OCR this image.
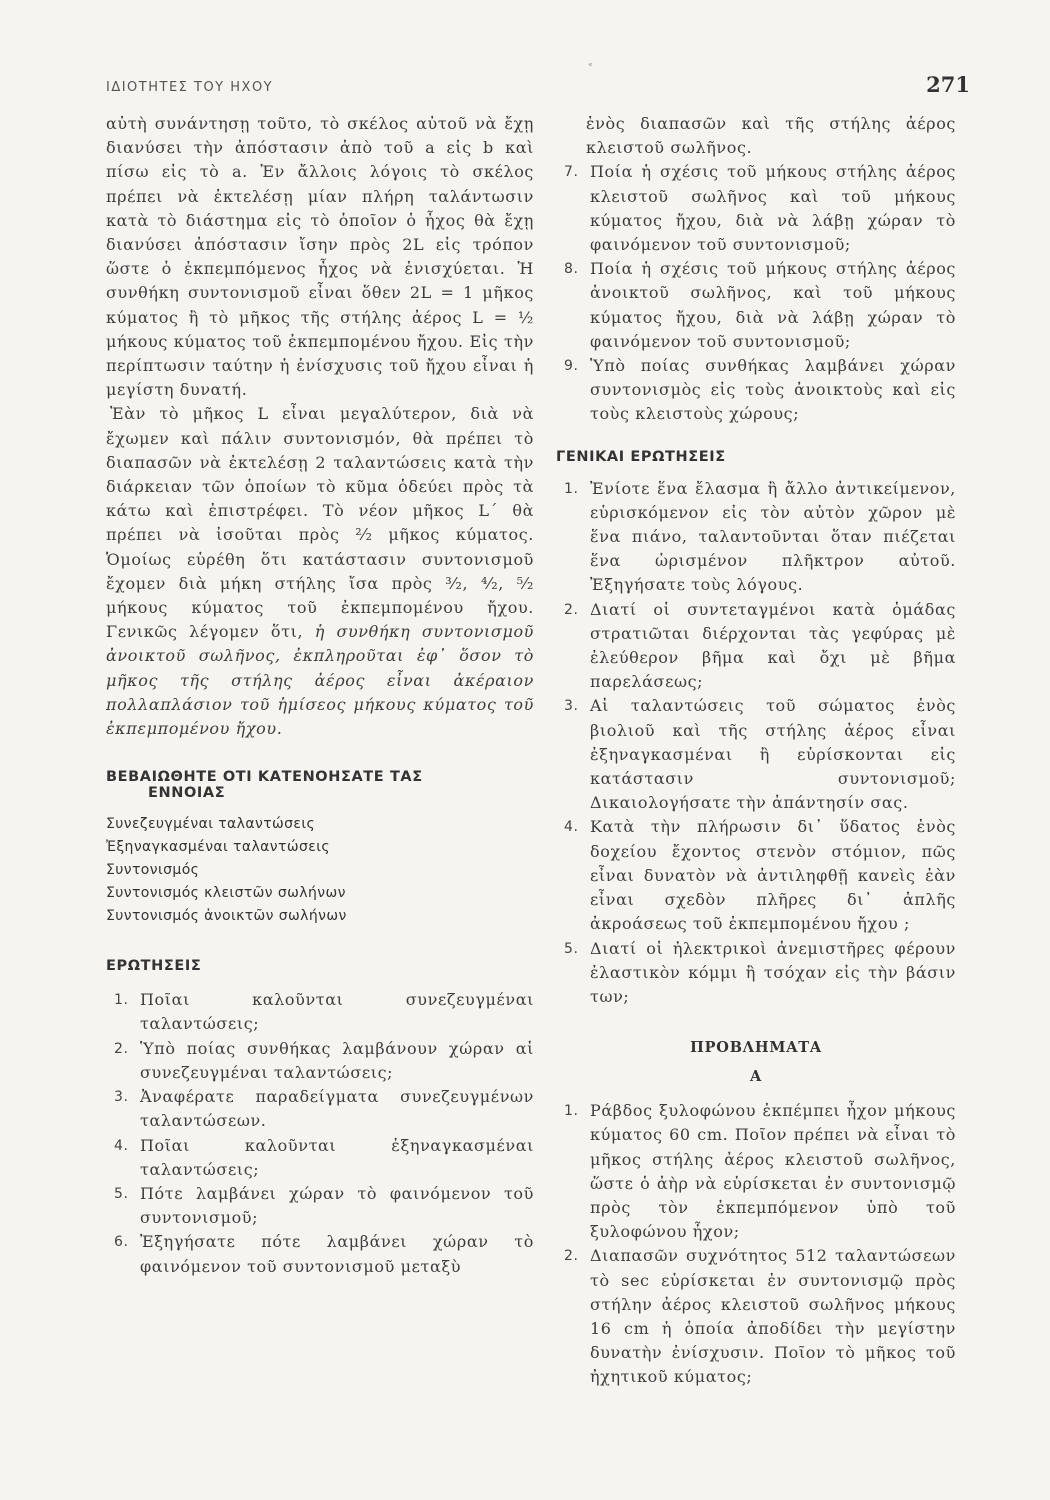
ΙΔΙΟΤΗΤΕΣ ΤΟΥ ΗΧΟΥ
«
271

αὐτὴ συνάντησῃ τοῦτο, τὸ σκέλος αὐτοῦ νὰ ἔχῃ διανύσει τὴν ἀπόστασιν ἀπὸ τοῦ a εἰς b καὶ πίσω εἰς τὸ a. Ἐν ἄλλοις λόγοις τὸ σκέλος πρέπει νὰ ἐκτελέσῃ μίαν πλήρη ταλάντωσιν κατὰ τὸ διάστημα εἰς τὸ ὁποῖον ὁ ἦχος θὰ ἔχῃ διανύσει ἀπόστασιν ἴσην πρὸς 2L εἰς τρόπον ὥστε ὁ ἐκπεμπόμενος ἦχος νὰ ἐνισχύεται. Ἡ συνθήκη συντονισμοῦ εἶναι ὅθεν 2L = 1 μῆκος κύματος ἢ τὸ μῆκος τῆς στήλης ἀέρος L = ½ μήκους κύματος τοῦ ἐκπεμπομένου ἤχου. Εἰς τὴν περίπτωσιν ταύτην ἡ ἐνίσχυσις τοῦ ἤχου εἶναι ἡ μεγίστη δυνατή.

Ἐὰν τὸ μῆκος L εἶναι μεγαλύτερον, διὰ νὰ ἔχωμεν καὶ πάλιν συντονισμόν, θὰ πρέπει τὸ διαπασῶν νὰ ἐκτελέσῃ 2 ταλαντώσεις κατὰ τὴν διάρκειαν τῶν ὁποίων τὸ κῦμα ὁδεύει πρὸς τὰ κάτω καὶ ἐπιστρέφει. Τὸ νέον μῆκος L΄ θὰ πρέπει νὰ ἰσοῦται πρὸς ²⁄₂ μῆκος κύματος. Ὁμοίως εὑρέθη ὅτι κατάστασιν συντονισμοῦ ἔχομεν διὰ μήκη στήλης ἴσα πρὸς ³⁄₂, ⁴⁄₂, ⁵⁄₂ μήκους κύματος τοῦ ἐκπεμπομένου ἤχου. Γενικῶς λέγομεν ὅτι, ἡ συνθήκη συντονισμοῦ ἀνοικτοῦ σωλῆνος, ἐκπληροῦται ἐφ᾿ ὅσον τὸ μῆκος τῆς στήλης ἀέρος εἶναι ἀκέραιον πολλαπλάσιον τοῦ ἡμίσεος μήκους κύματος τοῦ ἐκπεμπομένου ἤχου.

ΒΕΒΑΙΩΘΗΤΕ ΟΤΙ ΚΑΤΕΝΟΗΣΑΤΕ ΤΑΣ
ΕΝΝΟΙΑΣ

Συνεζευγμέναι ταλαντώσεις
Ἐξηναγκασμέναι ταλαντώσεις
Συντονισμός
Συντονισμός κλειστῶν σωλήνων
Συντονισμός ἀνοικτῶν σωλήνων

ΕΡΩΤΗΣΕΙΣ

1. Ποῖαι καλοῦνται συνεζευγμέναι ταλαντώσεις;
2. Ὑπὸ ποίας συνθήκας λαμβάνουν χώραν αἱ συνεζευγμέναι ταλαντώσεις;
3. Ἀναφέρατε παραδείγματα συνεζευγμένων ταλαντώσεων.
4. Ποῖαι καλοῦνται ἐξηναγκασμέναι ταλαντώσεις;
5. Πότε λαμβάνει χώραν τὸ φαινόμενον τοῦ συντονισμοῦ;
6. Ἐξηγήσατε πότε λαμβάνει χώραν τὸ φαινόμενον τοῦ συντονισμοῦ μεταξὺ

ἑνὸς διαπασῶν καὶ τῆς στήλης ἀέρος κλειστοῦ σωλῆνος.

7. Ποία ἡ σχέσις τοῦ μήκους στήλης ἀέρος κλειστοῦ σωλῆνος καὶ τοῦ μήκους κύματος ἤχου, διὰ νὰ λάβῃ χώραν τὸ φαινόμενον τοῦ συντονισμοῦ;
8. Ποία ἡ σχέσις τοῦ μήκους στήλης ἀέρος ἀνοικτοῦ σωλῆνος, καὶ τοῦ μήκους κύματος ἤχου, διὰ νὰ λάβῃ χώραν τὸ φαινόμενον τοῦ συντονισμοῦ;
9. Ὑπὸ ποίας συνθήκας λαμβάνει χώραν συντονισμὸς εἰς τοὺς ἀνοικτοὺς καὶ εἰς τοὺς κλειστοὺς χώρους;

ΓΕΝΙΚΑΙ ΕΡΩΤΗΣΕΙΣ

1. Ἐνίοτε ἕνα ἔλασμα ἢ ἄλλο ἀντικείμενον, εὑρισκόμενον εἰς τὸν αὐτὸν χῶρον μὲ ἕνα πιάνο, ταλαντοῦνται ὅταν πιέζεται ἕνα ὡρισμένον πλῆκτρον αὐτοῦ. Ἐξηγήσατε τοὺς λόγους.
2. Διατί οἱ συντεταγμένοι κατὰ ὁμάδας στρατιῶται διέρχονται τὰς γεφύρας μὲ ἐλεύθερον βῆμα καὶ ὄχι μὲ βῆμα παρελάσεως;
3. Αἱ ταλαντώσεις τοῦ σώματος ἑνὸς βιολιοῦ καὶ τῆς στήλης ἀέρος εἶναι ἐξηναγκασμέναι ἢ εὑρίσκονται εἰς κατάστασιν συντονισμοῦ; Δικαιολογήσατε τὴν ἀπάντησίν σας.
4. Κατὰ τὴν πλήρωσιν δι᾿ ὕδατος ἑνὸς δοχείου ἔχοντος στενὸν στόμιον, πῶς εἶναι δυνατὸν νὰ ἀντιληφθῇ κανεὶς ἐὰν εἶναι σχεδὸν πλῆρες δι᾿ ἁπλῆς ἀκροάσεως τοῦ ἐκπεμπομένου ἤχου ;
5. Διατί οἱ ἠλεκτρικοὶ ἀνεμιστῆρες φέρουν ἐλαστικὸν κόμμι ἢ τσόχαν εἰς τὴν βάσιν των;

ΠΡΟΒΛΗΜΑΤΑ

Α

1. Ράβδος ξυλοφώνου ἐκπέμπει ἦχον μήκους κύματος 60 cm. Ποῖον πρέπει νὰ εἶναι τὸ μῆκος στήλης ἀέρος κλειστοῦ σωλῆνος, ὥστε ὁ ἀὴρ νὰ εὑρίσκεται ἐν συντονισμῷ πρὸς τὸν ἐκπεμπόμενον ὑπὸ τοῦ ξυλοφώνου ἦχον;
2. Διαπασῶν συχνότητος 512 ταλαντώσεων τὸ sec εὑρίσκεται ἐν συντονισμῷ πρὸς στήλην ἀέρος κλειστοῦ σωλῆνος μήκους 16 cm ἡ ὁποία ἀποδίδει τὴν μεγίστην δυνατὴν ἐνίσχυσιν. Ποῖον τὸ μῆκος τοῦ ἠχητικοῦ κύματος;
